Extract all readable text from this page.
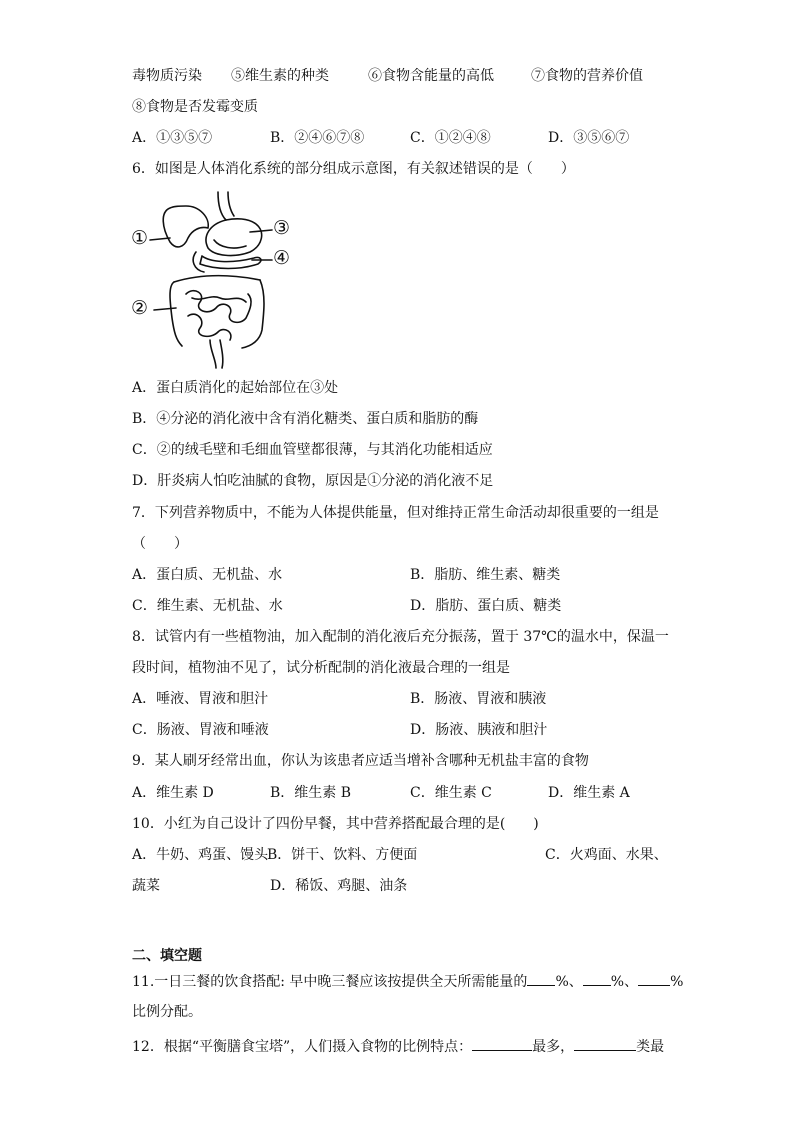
毒物质污染 ⑤维生素的种类	⑥食物含能量的高低	⑦食物的营养价值
⑧食物是否发霉变质
A．①③⑤⑦	B．②④⑥⑦⑧	C．①②④⑧	D．③⑤⑥⑦
6．如图是人体消化系统的部分组成示意图，有关叙述错误的是（　　）
①
②
③
④
A．蛋白质消化的起始部位在③处
B．④分泌的消化液中含有消化糖类、蛋白质和脂肪的酶
C．②的绒毛壁和毛细血管壁都很薄，与其消化功能相适应
D．肝炎病人怕吃油腻的食物，原因是①分泌的消化液不足
7．下列营养物质中，不能为人体提供能量，但对维持正常生命活动却很重要的一组是
（　　）
A．蛋白质、无机盐、水	B．脂肪、维生素、糖类
C．维生素、无机盐、水	D．脂肪、蛋白质、糖类
8．试管内有一些植物油，加入配制的消化液后充分振荡，置于 37℃的温水中，保温一
段时间，植物油不见了，试分析配制的消化液最合理的一组是
A．唾液、胃液和胆汁	B．肠液、胃液和胰液
C．肠液、胃液和唾液	D．肠液、胰液和胆汁
9．某人刷牙经常出血，你认为该患者应适当增补含哪种无机盐丰富的食物
A．维生素 D	B．维生素 B	C．维生素 C	D．维生素 A
10．小红为自己设计了四份早餐，其中营养搭配最合理的是(　　)
A．牛奶、鸡蛋、馒头
B．饼干、饮料、方便面	C．火鸡面、水果、
蔬菜	D．稀饭、鸡腿、油条
二、填空题
11.一日三餐的饮食搭配: 早中晚三餐应该按提供全天所需能量的 %、 %、 %
比例分配。
12．根据“平衡膳食宝塔”，人们摄入食物的比例特点：	最多，	类最
